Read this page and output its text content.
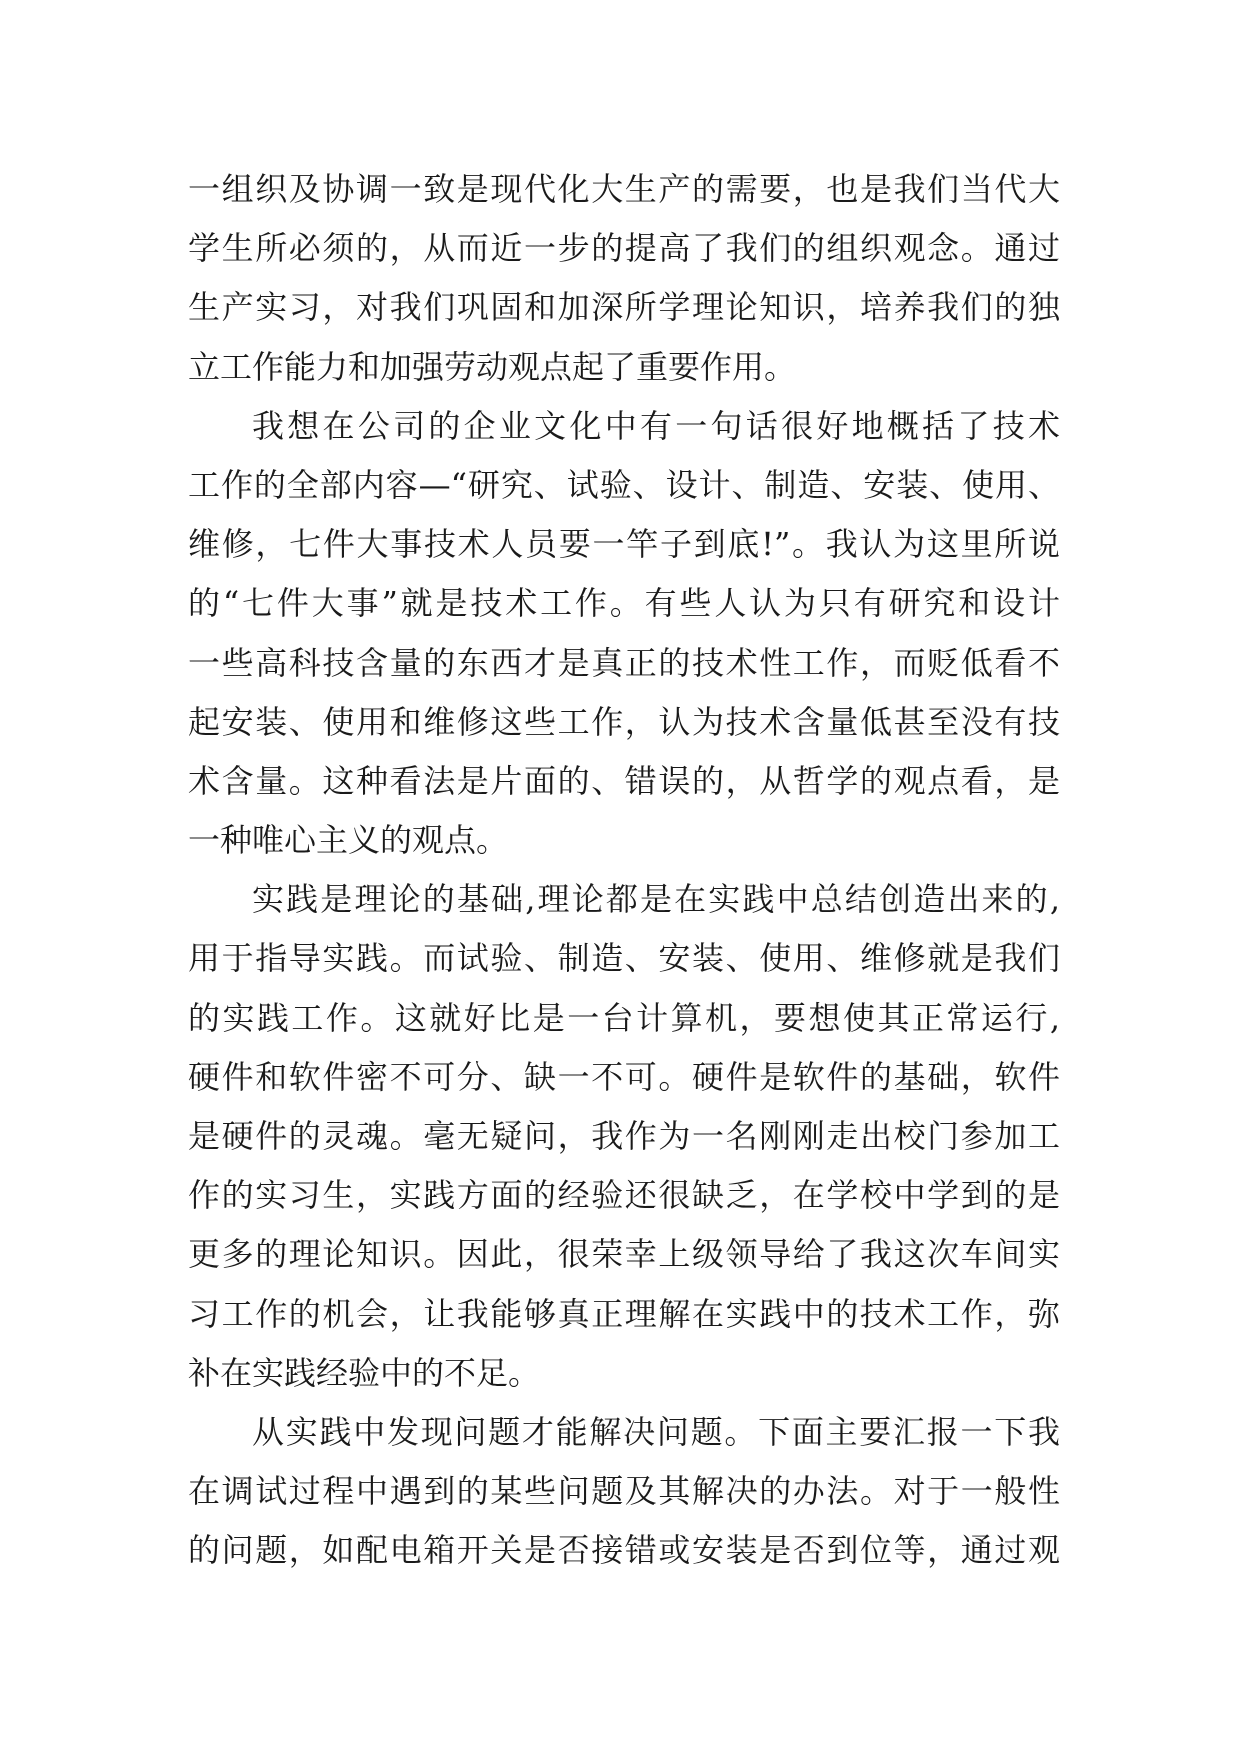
一组织及协调一致是现代化大生产的需要，也是我们当代大
学生所必须的，从而近一步的提高了我们的组织观念。通过
生产实习，对我们巩固和加深所学理论知识，培养我们的独
立工作能力和加强劳动观点起了重要作用。
我想在公司的企业文化中有一句话很好地概括了技术
工作的全部内容—“研究、试验、设计、制造、安装、使用、
维修，七件大事技术人员要一竿子到底!”。我认为这里所说
的“七件大事”就是技术工作。有些人认为只有研究和设计
一些高科技含量的东西才是真正的技术性工作，而贬低看不
起安装、使用和维修这些工作，认为技术含量低甚至没有技
术含量。这种看法是片面的、错误的，从哲学的观点看，是
一种唯心主义的观点。
实践是理论的基础,理论都是在实践中总结创造出来的,
用于指导实践。而试验、制造、安装、使用、维修就是我们
的实践工作。这就好比是一台计算机，要想使其正常运行,
硬件和软件密不可分、缺一不可。硬件是软件的基础，软件
是硬件的灵魂。毫无疑问，我作为一名刚刚走出校门参加工
作的实习生，实践方面的经验还很缺乏，在学校中学到的是
更多的理论知识。因此，很荣幸上级领导给了我这次车间实
习工作的机会，让我能够真正理解在实践中的技术工作，弥
补在实践经验中的不足。
从实践中发现问题才能解决问题。下面主要汇报一下我
在调试过程中遇到的某些问题及其解决的办法。对于一般性
的问题，如配电箱开关是否接错或安装是否到位等，通过观
